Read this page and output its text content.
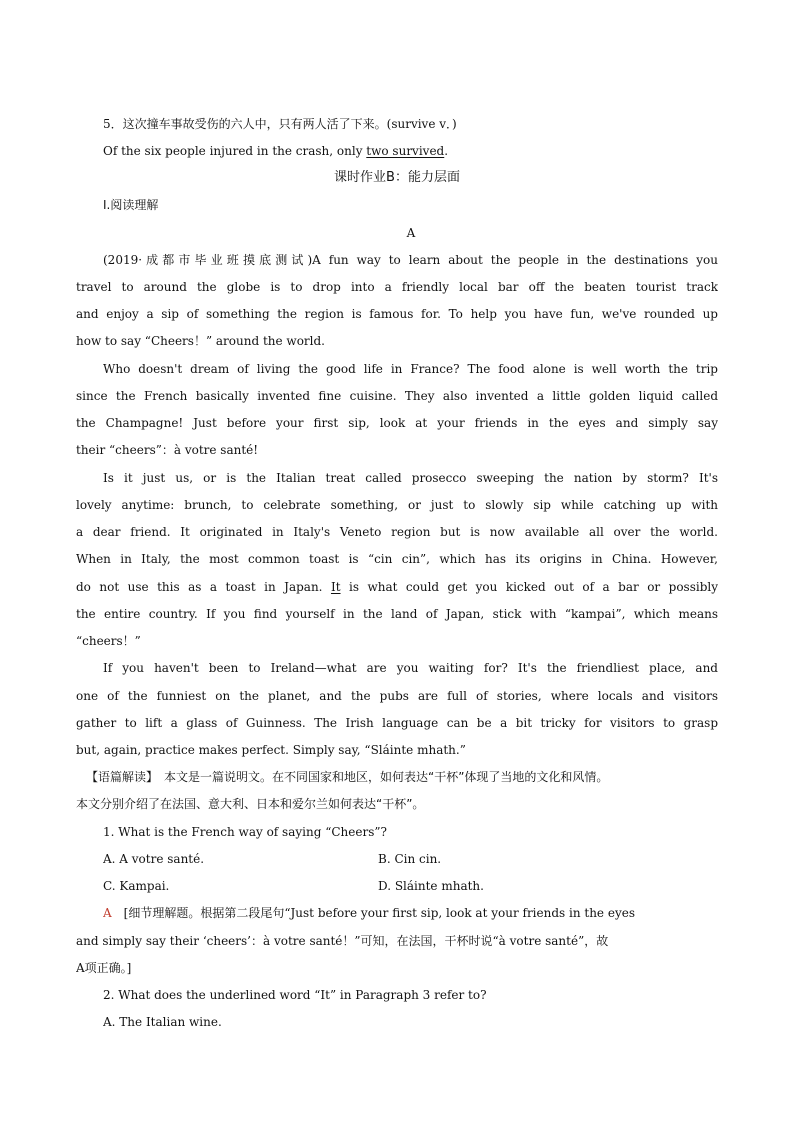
5．这次撞车事故受伤的六人中，只有两人活了下来。(survive v．)
Of the six people injured in the crash, only two survived.
课时作业B：能力层面
Ⅰ.阅读理解
A
(2019·成都市毕业班摸底测试)A fun way to learn about the people in the destinations you
travel to around the globe is to drop into a friendly local bar off the beaten tourist track
and enjoy a sip of something the region is famous for. To help you have fun, we've rounded up
how to say “Cheers！” around the world.
Who doesn't dream of living the good life in France? The food alone is well worth the trip
since the French basically invented fine cuisine. They also invented a little golden liquid called
the Champagne! Just before your first sip, look at your friends in the eyes and simply say
their “cheers”：à votre santé!
Is it just us, or is the Italian treat called prosecco sweeping the nation by storm? It's
lovely anytime: brunch, to celebrate something, or just to slowly sip while catching up with
a dear friend. It originated in Italy's Veneto region but is now available all over the world.
When in Italy, the most common toast is “cin cin”, which has its origins in China. However,
do not use this as a toast in Japan. It is what could get you kicked out of a bar or possibly
the entire country. If you find yourself in the land of Japan, stick with “kampai”, which means
“cheers！”
If you haven't been to Ireland—what are you waiting for? It's the friendliest place, and
one of the funniest on the planet, and the pubs are full of stories, where locals and visitors
gather to lift a glass of Guinness. The Irish language can be a bit tricky for visitors to grasp
but, again, practice makes perfect. Simply say, “Sláinte mhath.”
【语篇解读】　本文是一篇说明文。在不同国家和地区，如何表达“干杯”体现了当地的文化和风情。
本文分别介绍了在法国、意大利、日本和爱尔兰如何表达“干杯”。
1. What is the French way of saying “Cheers”?
A. A votre santé.	B. Cin cin.
C. Kampai.	D. Sláinte mhath.
A　[细节理解题。根据第二段尾句“Just before your first sip, look at your friends in the eyes
and simply say their ‘cheers’：à votre santé！”可知，在法国，干杯时说“à votre santé”，故
A项正确。]
2. What does the underlined word “It” in Paragraph 3 refer to?
A. The Italian wine.
